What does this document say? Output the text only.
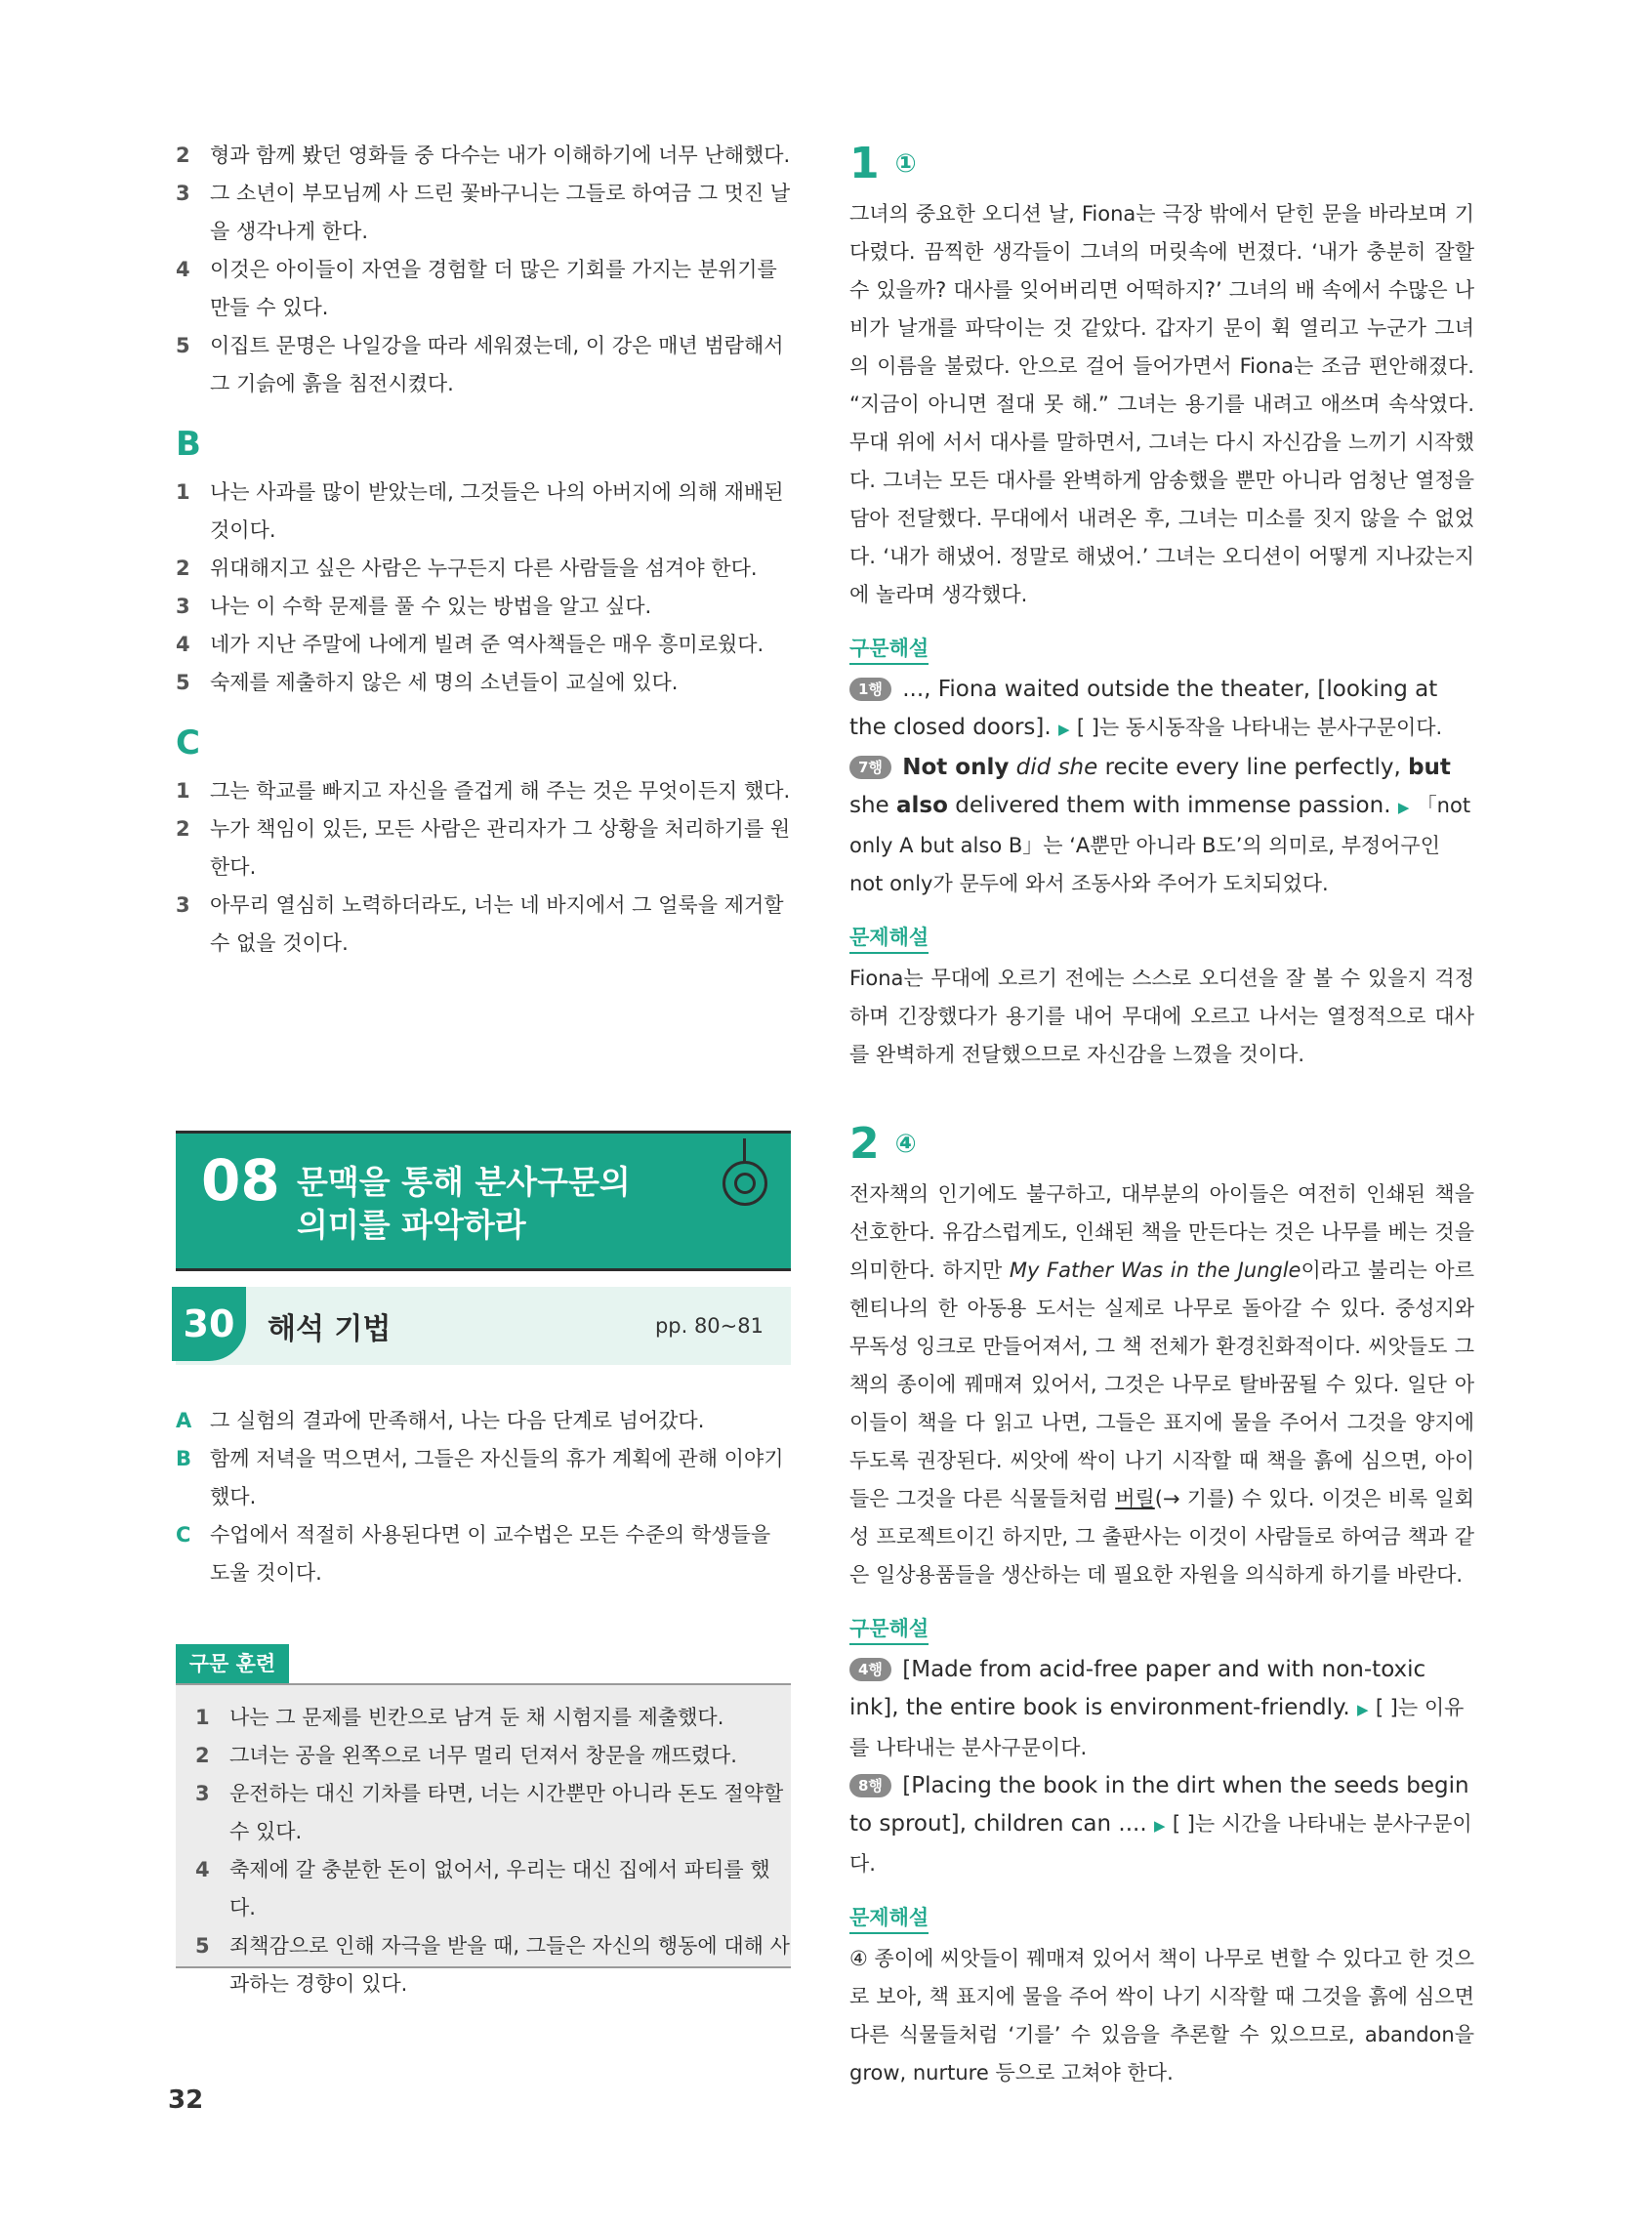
2 형과 함께 봤던 영화들 중 다수는 내가 이해하기에 너무 난해했다.
3 그 소년이 부모님께 사 드린 꽃바구니는 그들로 하여금 그 멋진 날을 생각나게 한다.
4 이것은 아이들이 자연을 경험할 더 많은 기회를 가지는 분위기를 만들 수 있다.
5 이집트 문명은 나일강을 따라 세워졌는데, 이 강은 매년 범람해서 그 기슭에 흙을 침전시켰다.
B
1 나는 사과를 많이 받았는데, 그것들은 나의 아버지에 의해 재배된 것이다.
2 위대해지고 싶은 사람은 누구든지 다른 사람들을 섬겨야 한다.
3 나는 이 수학 문제를 풀 수 있는 방법을 알고 싶다.
4 네가 지난 주말에 나에게 빌려 준 역사책들은 매우 흥미로웠다.
5 숙제를 제출하지 않은 세 명의 소년들이 교실에 있다.
C
1 그는 학교를 빠지고 자신을 즐겁게 해 주는 것은 무엇이든지 했다.
2 누가 책임이 있든, 모든 사람은 관리자가 그 상황을 처리하기를 원한다.
3 아무리 열심히 노력하더라도, 너는 네 바지에서 그 얼룩을 제거할 수 없을 것이다.
08 문맥을 통해 분사구문의
의미를 파악하라
30	해석 기법	pp. 80~81
A 그 실험의 결과에 만족해서, 나는 다음 단계로 넘어갔다.
B 함께 저녁을 먹으면서, 그들은 자신들의 휴가 계획에 관해 이야기했다.
C 수업에서 적절히 사용된다면 이 교수법은 모든 수준의 학생들을 도울 것이다.
구문 훈련
1 나는 그 문제를 빈칸으로 남겨 둔 채 시험지를 제출했다.
2 그녀는 공을 왼쪽으로 너무 멀리 던져서 창문을 깨뜨렸다.
3 운전하는 대신 기차를 타면, 너는 시간뿐만 아니라 돈도 절약할 수 있다.
4 축제에 갈 충분한 돈이 없어서, 우리는 대신 집에서 파티를 했다.
5 죄책감으로 인해 자극을 받을 때, 그들은 자신의 행동에 대해 사과하는 경향이 있다.
32
1 ①
그녀의 중요한 오디션 날, Fiona는 극장 밖에서 닫힌 문을 바라보며 기다렸다. 끔찍한 생각들이 그녀의 머릿속에 번졌다. ‘내가 충분히 잘할 수 있을까? 대사를 잊어버리면 어떡하지?’ 그녀의 배 속에서 수많은 나비가 날개를 파닥이는 것 같았다. 갑자기 문이 휙 열리고 누군가 그녀의 이름을 불렀다. 안으로 걸어 들어가면서 Fiona는 조금 편안해졌다. “지금이 아니면 절대 못 해.” 그녀는 용기를 내려고 애쓰며 속삭였다. 무대 위에 서서 대사를 말하면서, 그녀는 다시 자신감을 느끼기 시작했다. 그녀는 모든 대사를 완벽하게 암송했을 뿐만 아니라 엄청난 열정을 담아 전달했다. 무대에서 내려온 후, 그녀는 미소를 짓지 않을 수 없었다. ‘내가 해냈어. 정말로 해냈어.’ 그녀는 오디션이 어떻게 지나갔는지에 놀라며 생각했다.
구문해설
1행 ..., Fiona waited outside the theater, [looking at the closed doors]. ▶ [ ]는 동시동작을 나타내는 분사구문이다.
7행 Not only did she recite every line perfectly, but she also delivered them with immense passion. ▶ 「not only A but also B」는 ‘A뿐만 아니라 B도’의 의미로, 부정어구인 not only가 문두에 와서 조동사와 주어가 도치되었다.
문제해설
Fiona는 무대에 오르기 전에는 스스로 오디션을 잘 볼 수 있을지 걱정하며 긴장했다가 용기를 내어 무대에 오르고 나서는 열정적으로 대사를 완벽하게 전달했으므로 자신감을 느꼈을 것이다.
2 ④
전자책의 인기에도 불구하고, 대부분의 아이들은 여전히 인쇄된 책을 선호한다. 유감스럽게도, 인쇄된 책을 만든다는 것은 나무를 베는 것을 의미한다. 하지만 My Father Was in the Jungle이라고 불리는 아르헨티나의 한 아동용 도서는 실제로 나무로 돌아갈 수 있다. 중성지와 무독성 잉크로 만들어져서, 그 책 전체가 환경친화적이다. 씨앗들도 그 책의 종이에 꿰매져 있어서, 그것은 나무로 탈바꿈될 수 있다. 일단 아이들이 책을 다 읽고 나면, 그들은 표지에 물을 주어서 그것을 양지에 두도록 권장된다. 씨앗에 싹이 나기 시작할 때 책을 흙에 심으면, 아이들은 그것을 다른 식물들처럼 버릴(→ 기를) 수 있다. 이것은 비록 일회성 프로젝트이긴 하지만, 그 출판사는 이것이 사람들로 하여금 책과 같은 일상용품들을 생산하는 데 필요한 자원을 의식하게 하기를 바란다.
구문해설
4행 [Made from acid-free paper and with non-toxic ink], the entire book is environment-friendly. ▶ [ ]는 이유를 나타내는 분사구문이다.
8행 [Placing the book in the dirt when the seeds begin to sprout], children can .... ▶ [ ]는 시간을 나타내는 분사구문이다.
문제해설
④ 종이에 씨앗들이 꿰매져 있어서 책이 나무로 변할 수 있다고 한 것으로 보아, 책 표지에 물을 주어 싹이 나기 시작할 때 그것을 흙에 심으면 다른 식물들처럼 ‘기를’ 수 있음을 추론할 수 있으므로, abandon을 grow, nurture 등으로 고쳐야 한다.
